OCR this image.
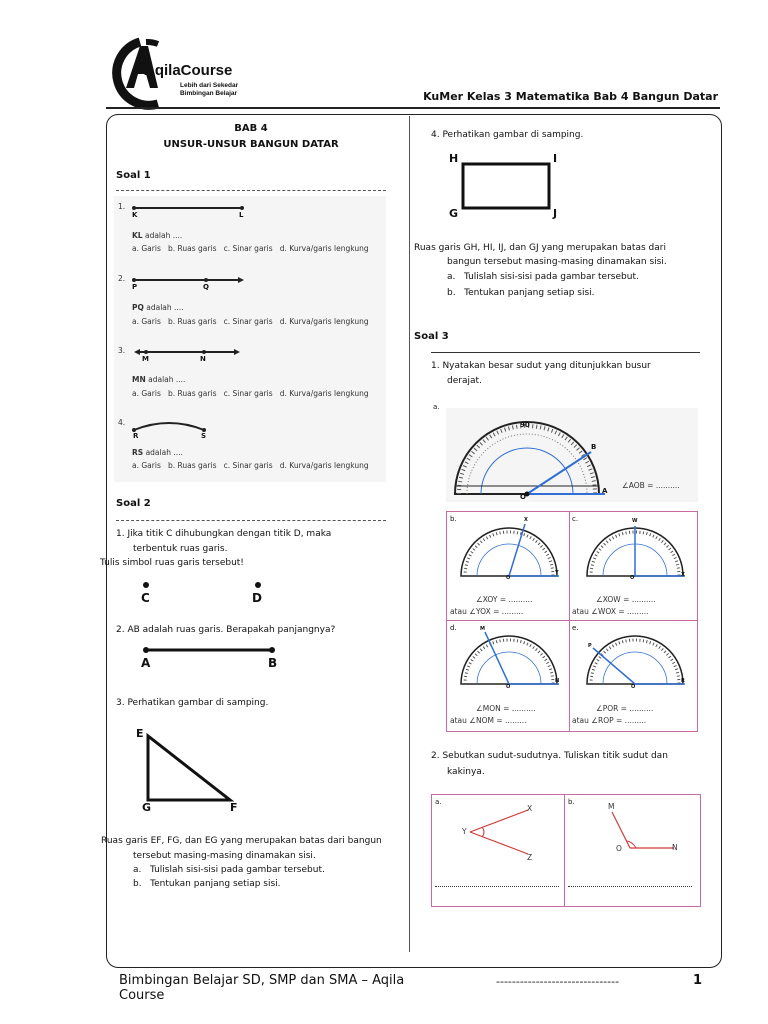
AqilaCourse
Lebih dari Sekedar
Bimbingan Belajar	KuMer Kelas 3 Matematika Bab 4 Bangun Datar
BAB 4
UNSUR-UNSUR BANGUN DATAR
Soal 1
1.
K	L
KL adalah ....
a. Garis   b. Ruas garis   c. Sinar garis   d. Kurva/garis lengkung
2.
P	Q
PQ adalah ....
a. Garis   b. Ruas garis   c. Sinar garis   d. Kurva/garis lengkung
3.
M	N
MN adalah ....
a. Garis   b. Ruas garis   c. Sinar garis   d. Kurva/garis lengkung
4.
R	S
RS adalah ....
a. Garis   b. Ruas garis   c. Sinar garis   d. Kurva/garis lengkung
Soal 2
1. Jika titik C dihubungkan dengan titik D, maka
terbentuk ruas garis.
Tulis simbol ruas garis tersebut!
C	D
2. AB adalah ruas garis. Berapakah panjangnya?
A	B
3. Perhatikan gambar di samping.
E
G	F
Ruas garis EF, FG, dan EG yang merupakan batas dari bangun
tersebut masing-masing dinamakan sisi.
a.   Tulislah sisi-sisi pada gambar tersebut.
b.   Tentukan panjang setiap sisi.
4. Perhatikan gambar di samping.
H	I
G	J
Ruas garis GH, HI, IJ, dan GJ yang merupakan batas dari
bangun tersebut masing-masing dinamakan sisi.
a.   Tulislah sisi-sisi pada gambar tersebut.
b.   Tentukan panjang setiap sisi.
Soal 3
1. Nyatakan besar sudut yang ditunjukkan busur
derajat.
a.
90
B
A
O
∠AOB = ..........
b.	X
O
Y
∠XOY = ..........
atau ∠YOX = .........
c.	W
O	X
∠XOW = ..........
atau ∠WOX = .........
d.	M
O
N
∠MON = ..........
atau ∠NOM = .........
e.
P
O
R
∠POR = ..........
atau ∠ROP = .........
2. Sebutkan sudut-sudutnya. Tuliskan titik sudut dan
kakinya.
a.
X
Y
Z
b.	M
O	N
Bimbingan Belajar SD, SMP dan SMA – Aqila Course
-------------------------------	1
